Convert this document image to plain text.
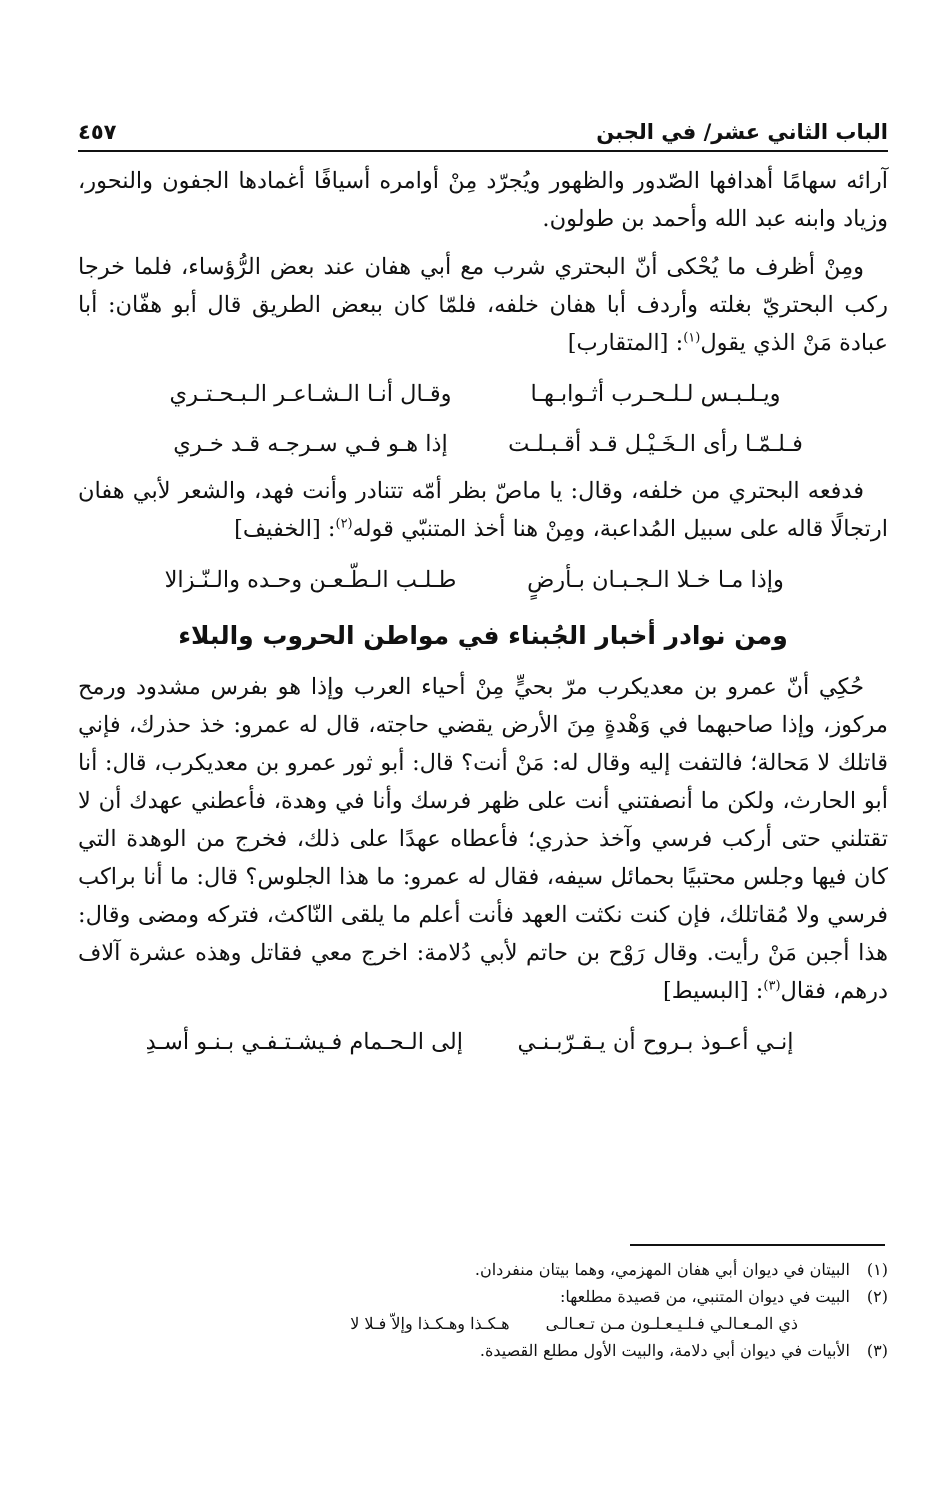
الباب الثاني عشر/ في الجبن
٤٥٧

آرائه سهامًا أهدافها الصّدور والظهور ويُجرّد مِنْ أوامره أسيافًا أغمادها الجفون والنحور، وزياد وابنه عبد الله وأحمد بن طولون.

ومِنْ أظرف ما يُحْكى أنّ البحتري شرب مع أبي هفان عند بعض الرُّؤساء، فلما خرجا ركب البحتريّ بغلته وأردف أبا هفان خلفه، فلمّا كان ببعض الطريق قال أبو هفّان: أبا عبادة مَنْ الذي يقول$^{(١)}$: [المتقارب]

ويـلـبـس لـلـحـرب أثـوابـهـا
وقـال أنـا الـشـاعـر الـبـحـتـري
فـلـمّـا رأى الـخَـيْـل قـد أقـبـلـت
إذا هـو فـي سـرجـه قـد خـري

فدفعه البحتري من خلفه، وقال: يا ماصّ بظر أمّه تتنادر وأنت فهد، والشعر لأبي هفان ارتجالًا قاله على سبيل المُداعبة، ومِنْ هنا أخذ المتنبّي قوله$^{(٢)}$: [الخفيف]

وإذا مـا خـلا الـجـبـان بـأرضٍ
طـلـب الـطّـعـن وحـده والـنّـزالا
ومن نوادر أخبار الجُبناء في مواطن الحروب والبلاء

حُكِي أنّ عمرو بن معديكرب مرّ بحيٍّ مِنْ أحياء العرب وإذا هو بفرس مشدود ورمح مركوز، وإذا صاحبهما في وَهْدةٍ مِنَ الأرض يقضي حاجته، قال له عمرو: خذ حذرك، فإني قاتلك لا مَحالة؛ فالتفت إليه وقال له: مَنْ أنت؟ قال: أبو ثور عمرو بن معديكرب، قال: أنا أبو الحارث، ولكن ما أنصفتني أنت على ظهر فرسك وأنا في وهدة، فأعطني عهدك أن لا تقتلني حتى أركب فرسي وآخذ حذري؛ فأعطاه عهدًا على ذلك، فخرج من الوهدة التي كان فيها وجلس محتبيًا بحمائل سيفه، فقال له عمرو: ما هذا الجلوس؟ قال: ما أنا براكب فرسي ولا مُقاتلك، فإن كنت نكثت العهد فأنت أعلم ما يلقى النّاكث، فتركه ومضى وقال: هذا أجبن مَنْ رأيت. وقال رَوْح بن حاتم لأبي دُلامة: اخرج معي فقاتل وهذه عشرة آلاف درهم، فقال$^{(٣)}$: [البسيط]

إنـي أعـوذ بـروح أن يـقـرّبـنـي
إلى الـحـمام فـيشـتـفـي بـنـو أسـدِ
(١)
البيتان في ديوان أبي هفان المهزمي، وهما بيتان منفردان.
(٢)
البيت في ديوان المتنبي، من قصيدة مطلعها:
ذي المـعـالـي فـلـيـعـلـون مـن تـعـالـى
هـكـذا وهـكـذا وإلاّ فـلا لا
(٣)
الأبيات في ديوان أبي دلامة، والبيت الأول مطلع القصيدة.
